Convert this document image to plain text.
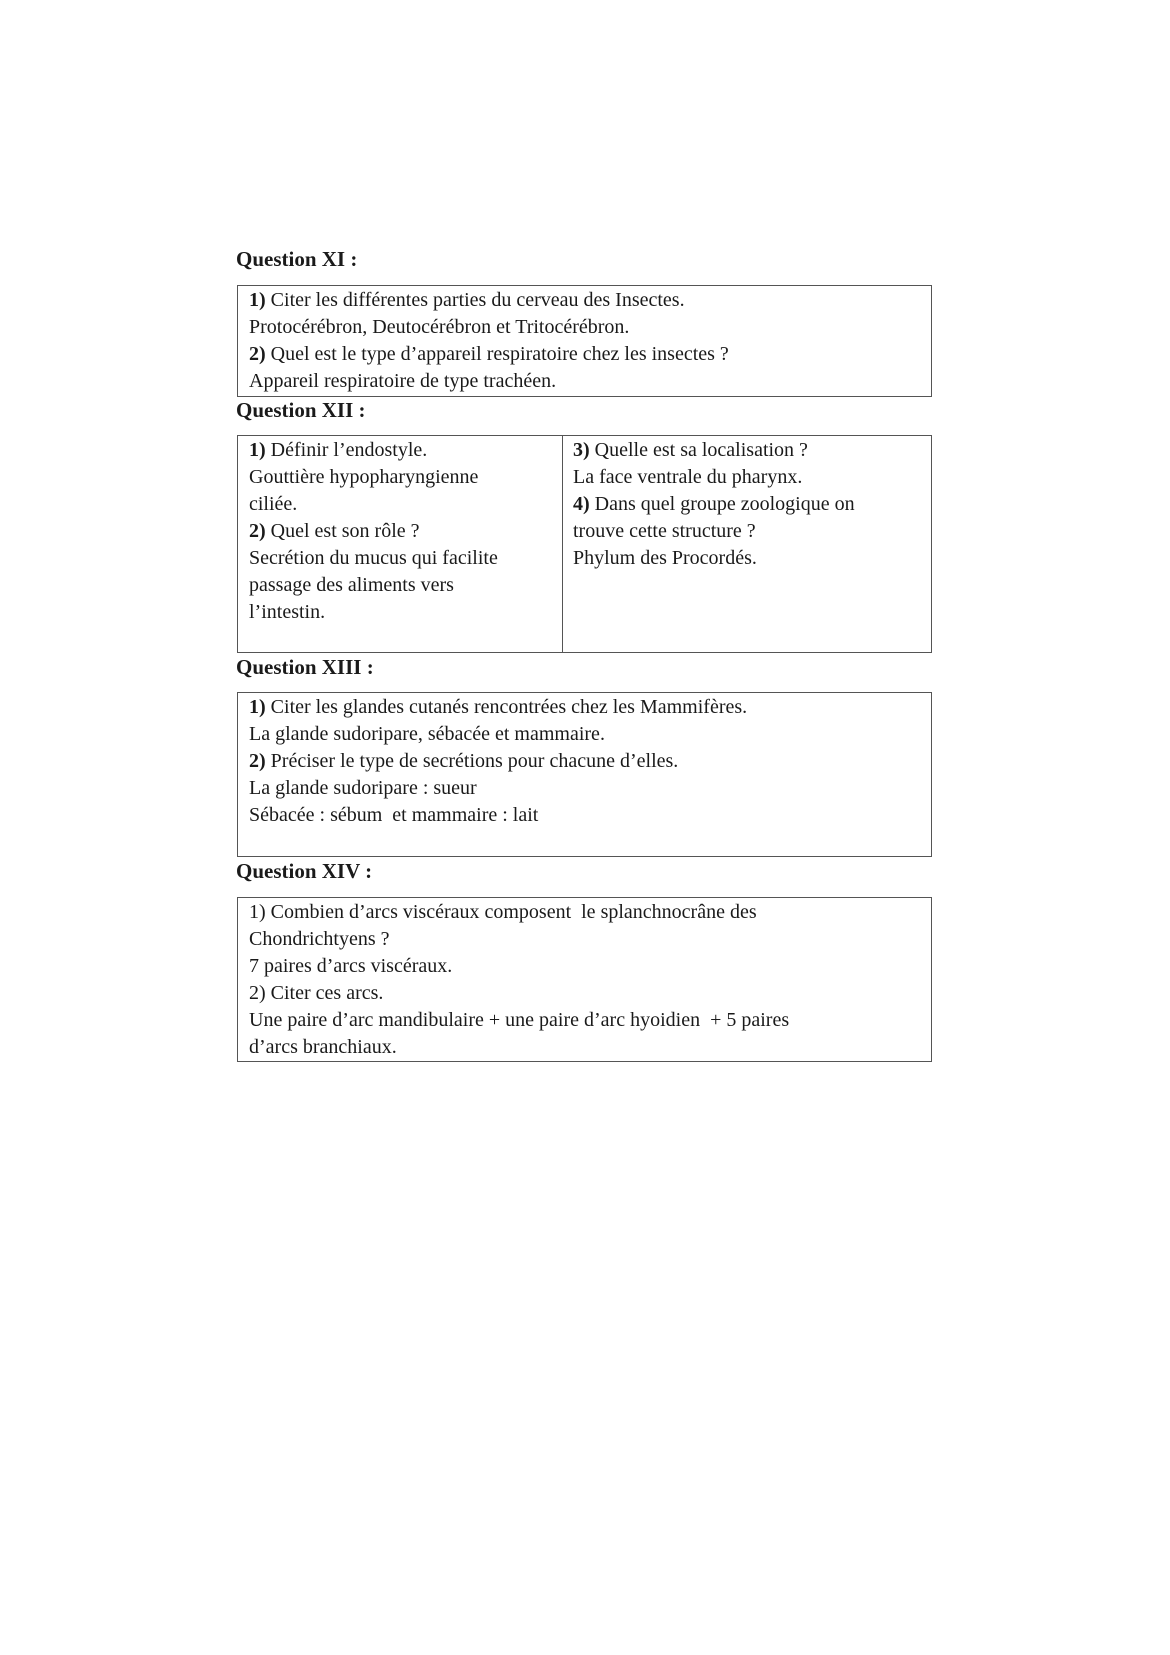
Question XI :
1) Citer les différentes parties du cerveau des Insectes.
Protocérébron, Deutocérébron et Tritocérébron.
2) Quel est le type d’appareil respiratoire chez les insectes ?
Appareil respiratoire de type trachéen.
Question XII :
1) Définir l’endostyle.
Gouttière hypopharyngienne
ciliée.
2) Quel est son rôle ?
Secrétion du mucus qui facilite
passage des aliments vers
l’intestin.
3) Quelle est sa localisation ?
La face ventrale du pharynx.
4) Dans quel groupe zoologique on
trouve cette structure ?
Phylum des Procordés.
Question XIII :
1) Citer les glandes cutanés rencontrées chez les Mammifères.
La glande sudoripare, sébacée et mammaire.
2) Préciser le type de secrétions pour chacune d’elles.
La glande sudoripare : sueur
Sébacée : sébum  et mammaire : lait
Question XIV :
1) Combien d’arcs viscéraux composent  le splanchnocrâne des
Chondrichtyens ?
7 paires d’arcs viscéraux.
2) Citer ces arcs.
Une paire d’arc mandibulaire + une paire d’arc hyoidien  + 5 paires
d’arcs branchiaux.
